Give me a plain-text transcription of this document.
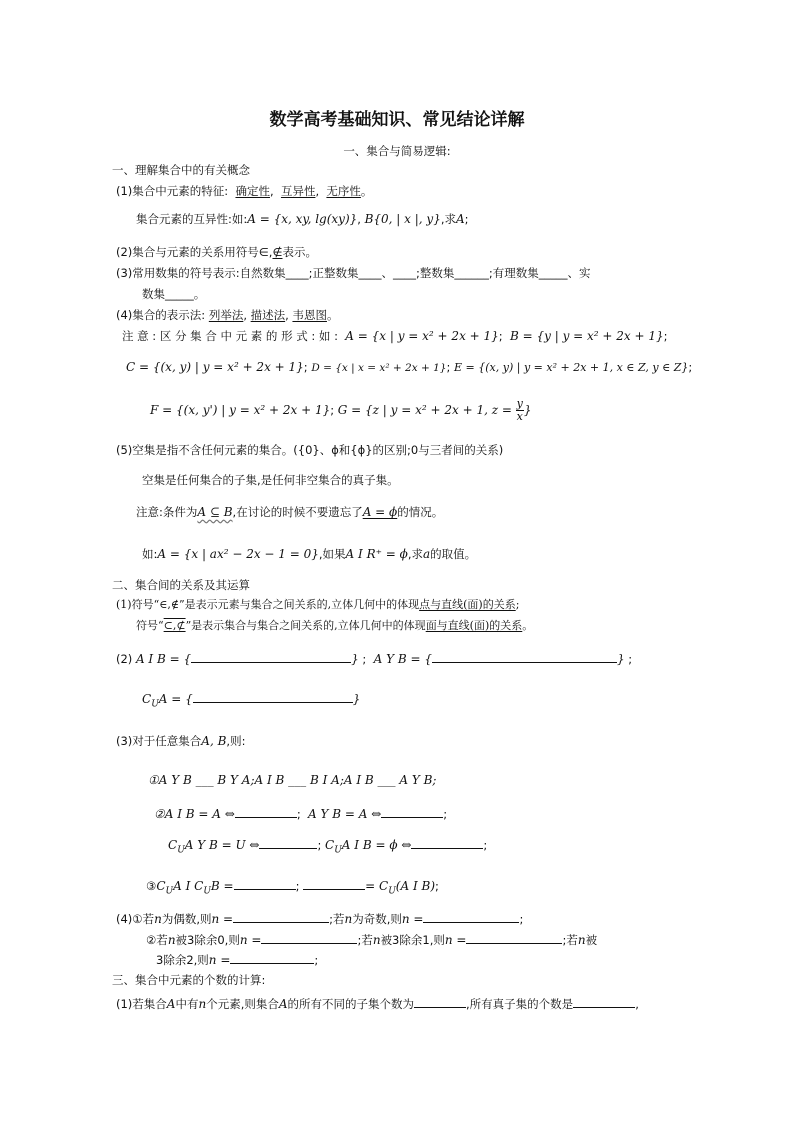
数学高考基础知识、常见结论详解
一、集合与简易逻辑:
一、理解集合中的有关概念
(1)集合中元素的特征: 确定性, 互异性, 无序性。
集合元素的互异性:如:A = {x, xy, lg(xy)}, B{0, | x |, y},求A;
(2)集合与元素的关系用符号∈,∉表示。
(3)常用数集的符号表示:自然数集____;正整数集____、____;整数集______;有理数集_____、实
数集_____。
(4)集合的表示法: 列举法, 描述法, 韦恩图。
注 意 : 区 分 集 合 中 元 素 的 形 式 : 如 : A = {x | y = x² + 2x + 1}; B = {y | y = x² + 2x + 1};
C = {(x, y) | y = x² + 2x + 1}; D = {x | x = x² + 2x + 1}; E = {(x, y) | y = x² + 2x + 1, x ∈ Z, y ∈ Z};
F = {(x, y') | y = x² + 2x + 1}; G = {z | y = x² + 2x + 1, $z = \frac{y}{x}$ }
(5)空集是指不含任何元素的集合。({0}、ϕ和{ϕ}的区别;0与三者间的关系)
空集是任何集合的子集,是任何非空集合的真子集。
注意:条件为A ⊆ B,在讨论的时候不要遗忘了A = ϕ的情况。
如:A = {x | ax² − 2x − 1 = 0},如果A I R⁺ = ϕ,求a的取值。
二、集合间的关系及其运算
(1)符号“∈,∉”是表示元素与集合之间关系的,立体几何中的体现点与直线(面)的关系;
符号“⊂,⊄”是表示集合与集合之间关系的,立体几何中的体现面与直线(面)的关系。
(2) A I B = {	} ; A Y B = {	} ;
$C_UA$ = {	}
(3)对于任意集合A, B,则:
①A Y B ___ B Y A;A I B ___ B I A;A I B ___ A Y B;
②A I B = A ⇔	; A Y B = A ⇔	;
$C_UA$ Y B = U ⇔	; $C_UA$ I B = ϕ ⇔	;
$③C_UA$ I $C_UB$ =	;	= $C_U(A$ I B);
(4)①若n为偶数,则n =	;若n为奇数,则n =	;
②若n被3除余0,则n =	;若n被3除余1,则n =	;若n被
3除余2,则n =	;
三、集合中元素的个数的计算:
(1)若集合A中有n个元素,则集合A的所有不同的子集个数为	,所有真子集的个数是	,
